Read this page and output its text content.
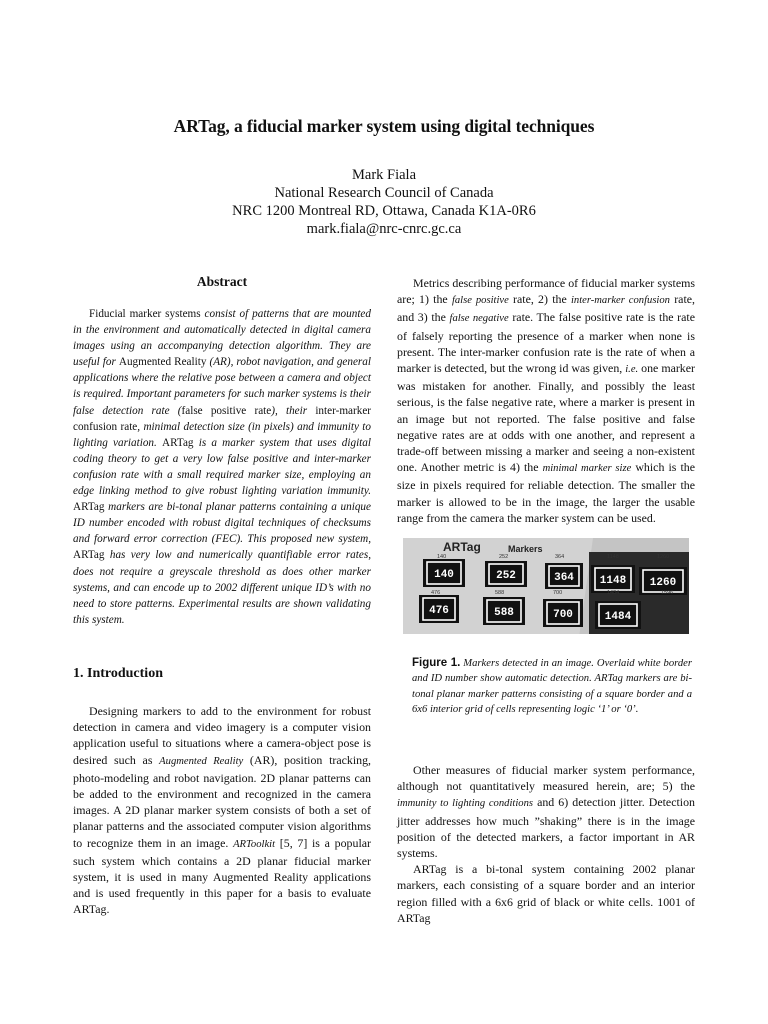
ARTag, a fiducial marker system using digital techniques
Mark Fiala
National Research Council of Canada
NRC 1200 Montreal RD, Ottawa, Canada K1A-0R6
mark.fiala@nrc-cnrc.gc.ca
Abstract

Fiducial marker systems consist of patterns that are mounted in the environment and automatically detected in digital camera images using an accompanying detection algorithm. They are useful for Augmented Reality (AR), robot navigation, and general applications where the relative pose between a camera and object is required. Important parameters for such marker systems is their false detection rate (false positive rate), their inter-marker confusion rate, minimal detection size (in pixels) and immunity to lighting variation. ARTag is a marker system that uses digital coding theory to get a very low false positive and inter-marker confusion rate with a small required marker size, employing an edge linking method to give robust lighting variation immunity. ARTag markers are bi-tonal planar patterns containing a unique ID number encoded with robust digital techniques of checksums and forward error correction (FEC). This proposed new system, ARTag has very low and numerically quantifiable error rates, does not require a greyscale threshold as does other marker systems, and can encode up to 2002 different unique ID’s with no need to store patterns. Experimental results are shown validating this system.

1. Introduction

Designing markers to add to the environment for robust detection in camera and video imagery is a computer vision application useful to situations where a camera-object pose is desired such as Augmented Reality (AR), position tracking, photo-modeling and robot navigation. 2D planar patterns can be added to the environment and recognized in the camera images. A 2D planar marker system consists of both a set of planar patterns and the associated computer vision algorithms to recognize them in an image. ARToolkit [5, 7] is a popular such system which contains a 2D planar fiducial marker system, it is used in many Augmented Reality applications and is used frequently in this paper for a basis to evaluate ARTag.

Metrics describing performance of fiducial marker systems are; 1) the false positive rate, 2) the inter-marker confusion rate, and 3) the false negative rate. The false positive rate is the rate of falsely reporting the presence of a marker when none is present. The inter-marker confusion rate is the rate of when a marker is detected, but the wrong id was given, i.e. one marker was mistaken for another. Finally, and possibly the least serious, is the false negative rate, where a marker is present in an image but not reported. The false positive and false negative rates are at odds with one another, and represent a trade-off between missing a marker and seeing a non-existent one. Another metric is 4) the minimal marker size which is the size in pixels required for reliable detection. The smaller the marker is allowed to be in the image, the larger the usable range from the camera the marker system can be used.

ARTag	Markers
140	252	364 1148 1260
476	588	700	1484
140	252	364	1148	1260
476	588	700	1484	1596
Figure 1. Markers detected in an image. Overlaid white border and ID number show automatic detection. ARTag markers are bi-tonal planar marker patterns consisting of a square border and a 6x6 interior grid of cells representing logic ‘1’ or ‘0’.

Other measures of fiducial marker system performance, although not quantitatively measured herein, are; 5) the immunity to lighting conditions and 6) detection jitter. Detection jitter addresses how much ”shaking” there is in the image position of the detected markers, a factor important in AR systems.

ARTag is a bi-tonal system containing 2002 planar markers, each consisting of a square border and an interior region filled with a 6x6 grid of black or white cells. 1001 of ARTag
